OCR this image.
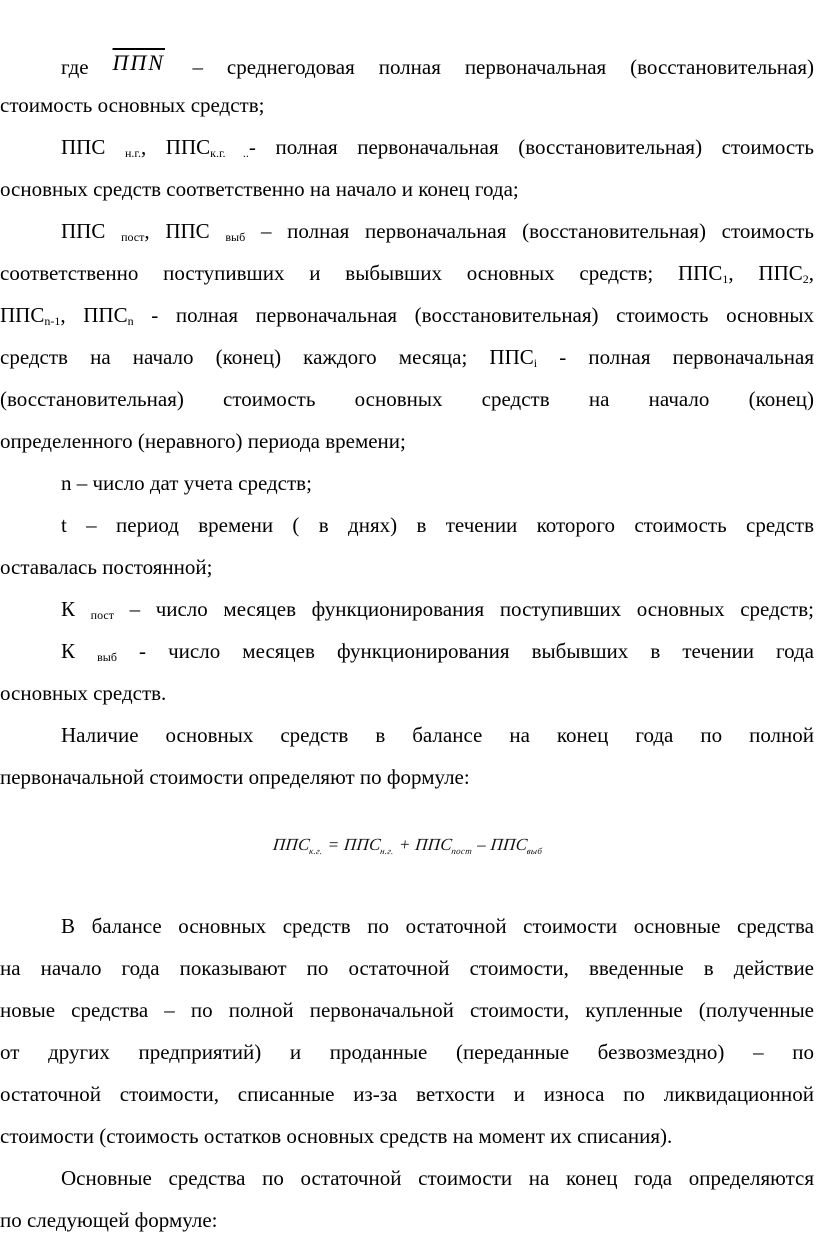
где ППN – среднегодовая полная первоначальная (восстановительная)
стоимость основных средств;
ППС $_{н.г.}$, $ППС_{к.г. ..}-$ полная первоначальная (восстановительная) стоимость
основных средств соответственно на начало и конец года;
ППС $_{пост}$, ППС $_{выб}$ – полная первоначальная (восстановительная) стоимость
соответственно поступивших и выбывших основных средств; $ППС_1$, $ППС_2$,
$ППС_{n-1}$, $ППС_n$ - полная первоначальная (восстановительная) стоимость основных
средств на начало (конец) каждого месяца; $ППС_i$ - полная первоначальная
(восстановительная) стоимость основных средств на начало (конец)
определенного (неравного) периода времени;
n – число дат учета средств;
t – период времени ( в днях) в течении которого стоимость средств
оставалась постоянной;
К $_{пост}$ – число месяцев функционирования поступивших основных средств;
К $_{выб}$ - число месяцев функционирования выбывших в течении года
основных средств.
Наличие основных средств в балансе на конец года по полной
первоначальной стоимости определяют по формуле:
$ППС_{к.г.} = ППС_{н.г.} + ППС_{пост} - ППС_{выб}$
В балансе основных средств по остаточной стоимости основные средства
на начало года показывают по остаточной стоимости, введенные в действие
новые средства – по полной первоначальной стоимости, купленные (полученные
от других предприятий) и проданные (переданные безвозмездно) – по
остаточной стоимости, списанные из-за ветхости и износа по ликвидационной
стоимости (стоимость остатков основных средств на момент их списания).
Основные средства по остаточной стоимости на конец года определяются
по следующей формуле:
